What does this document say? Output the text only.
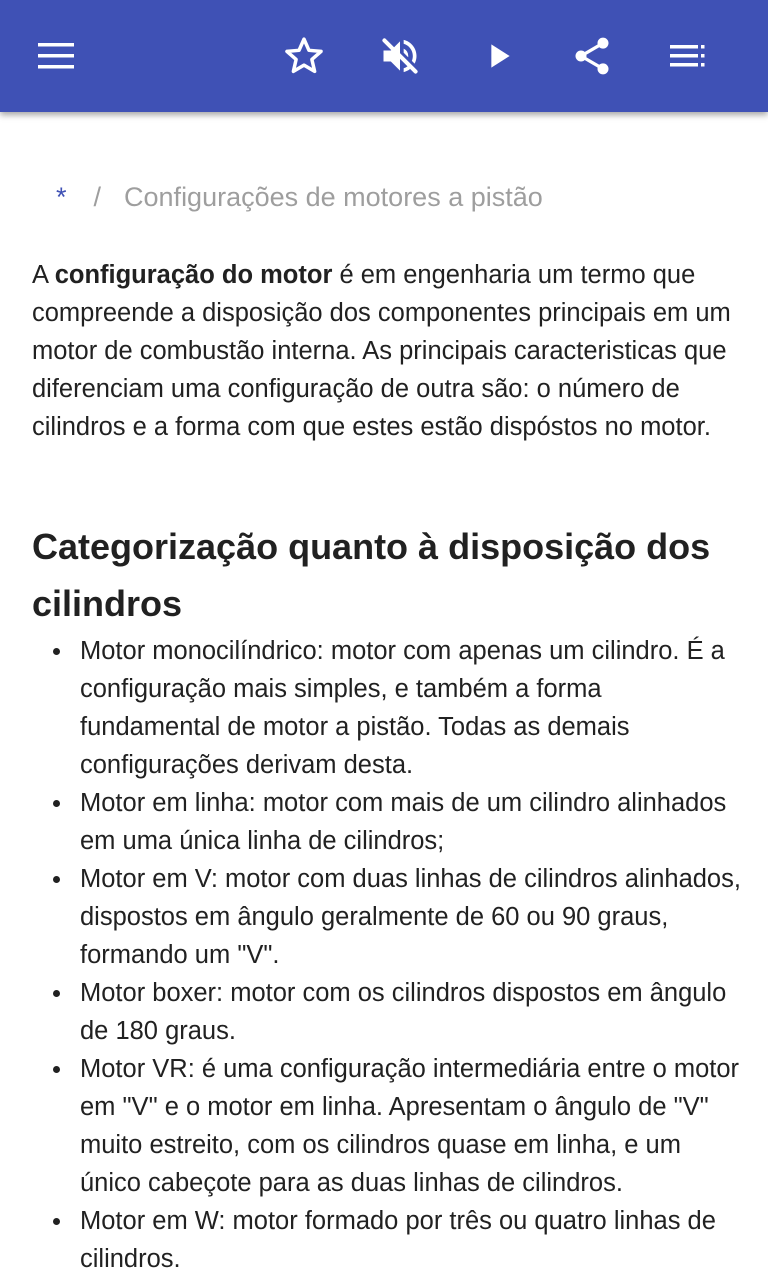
* / Configurações de motores a pistão

A configuração do motor é em engenharia um termo que compreende a disposição dos componentes principais em um motor de combustão interna. As principais caracteristicas que diferenciam uma configuração de outra são: o número de cilindros e a forma com que estes estão dispóstos no motor.

Categorização quanto à disposição dos cilindros
Motor monocilíndrico: motor com apenas um cilindro. É a configuração mais simples, e também a forma fundamental de motor a pistão. Todas as demais configurações derivam desta.
Motor em linha: motor com mais de um cilindro alinhados em uma única linha de cilindros;
Motor em V: motor com duas linhas de cilindros alinhados, dispostos em ângulo geralmente de 60 ou 90 graus, formando um "V".
Motor boxer: motor com os cilindros dispostos em ângulo de 180 graus.
Motor VR: é uma configuração intermediária entre o motor em "V" e o motor em linha. Apresentam o ângulo de "V" muito estreito, com os cilindros quase em linha, e um único cabeçote para as duas linhas de cilindros.
Motor em W: motor formado por três ou quatro linhas de cilindros.
